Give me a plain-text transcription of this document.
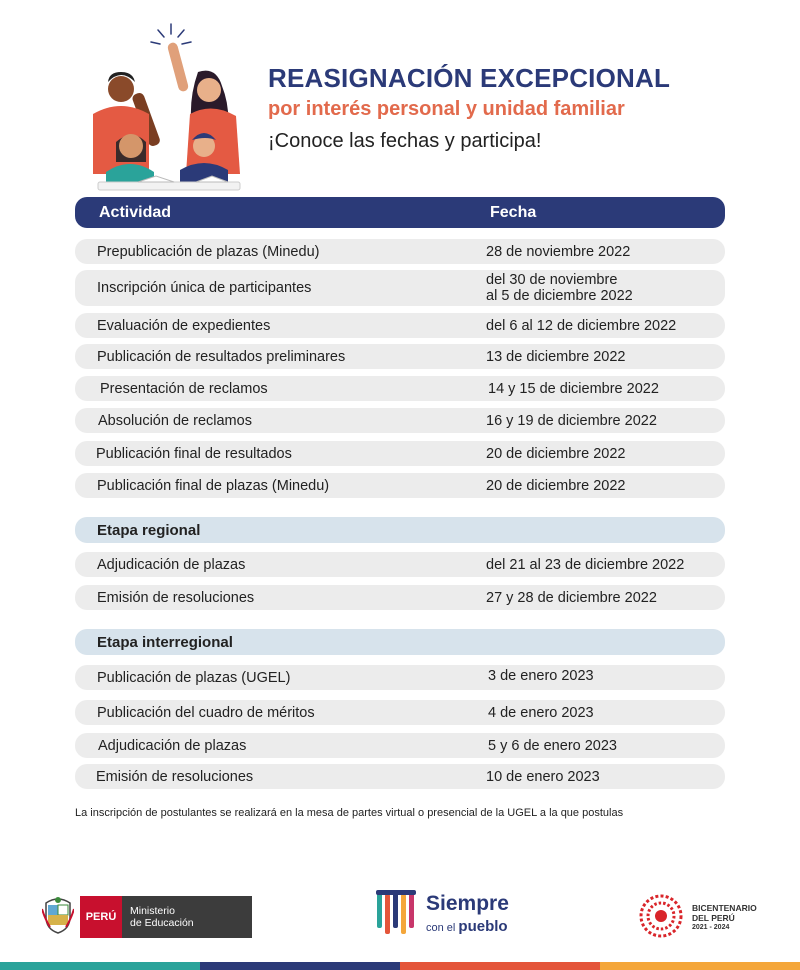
REASIGNACIÓN EXCEPCIONAL
por interés personal y unidad familiar
¡Conoce las fechas y participa!
Actividad	Fecha
Prepublicación de plazas (Minedu)	28 de noviembre 2022
Inscripción única de participantes	del 30 de noviembre
al 5 de diciembre 2022
Evaluación de expedientes	del 6 al 12 de diciembre 2022
Publicación de resultados preliminares	13 de diciembre 2022
Presentación de reclamos	14 y 15 de diciembre 2022
Absolución de reclamos	16 y 19 de diciembre 2022
Publicación final de resultados	20 de diciembre 2022
Publicación final de plazas (Minedu)	20 de diciembre 2022
Etapa regional
Adjudicación de plazas	del 21 al 23 de diciembre 2022
Emisión de resoluciones	27 y 28 de diciembre 2022
Etapa interregional
Publicación de plazas (UGEL)	3 de enero 2023
Publicación del cuadro de méritos	4 de enero 2023
Adjudicación de plazas	5 y 6 de enero 2023
Emisión de resoluciones	10 de enero 2023
La inscripción de postulantes se realizará en la mesa de partes virtual o presencial de la UGEL a la que postulas
PERÚ	Ministerio
de Educación
Siempre
con el pueblo
BICENTENARIO
DEL PERÚ
2021 - 2024
